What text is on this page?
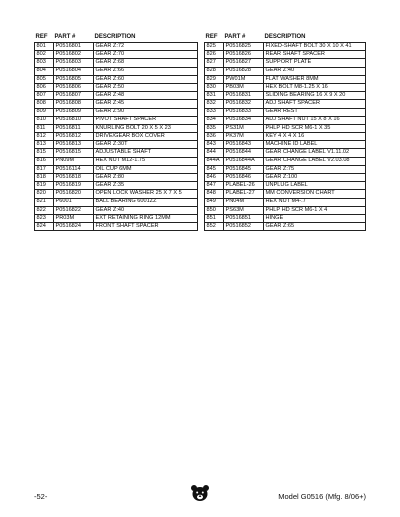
REF	PART #	DESCRIPTION
801	P0516801	GEAR Z:72
802	P0516802	GEAR Z:70
803	P0516803	GEAR Z:68
804	P0516804	GEAR Z:66
805	P0516805	GEAR Z:60
806	P0516806	GEAR Z:50
807	P0516807	GEAR Z:48
808	P0516808	GEAR Z:45
809	P0516809	GEAR Z:90
810	P0516810	PIVOT SHAFT SPACER
811	P0516811	KNURLING BOLT 20 X 5 X 23
812	P0516812	DRIVE/GEAR BOX COVER
813	P0516813	GEAR Z:30T
815	P0516815	ADJUSTABLE SHAFT
816	PN09M	HEX NUT M12-1.75
817	P0516114	OIL CUP 6MM
818	P0516818	GEAR Z:80
819	P0516819	GEAR Z:35
820	P0516820	OPEN LOCK WASHER 25 X 7 X 5
821	P6001	BALL BEARING 6001ZZ
822	P0516822	GEAR Z:40
823	PR03M	EXT RETAINING RING 12MM
824	P0516824	FRONT SHAFT SPACER
REF	PART #	DESCRIPTION
825	P0516825	FIXED-SHAFT BOLT 30 X 10 X 41
826	P0516826	REAR SHAFT SPACER
827	P0516827	SUPPORT PLATE
828	P0516828	GEAR Z:40
829	PW01M	FLAT WASHER 8MM
830	PB03M	HEX BOLT M8-1.25 X 16
831	P0516831	SLIDING BEARING 16 X 9 X 20
832	P0516832	ADJ SHAFT SPACER
833	P0516833	GEAR REST
834	P0516834	ADJ SHAFT NUT 15 X 8 X 16
835	PS31M	PHLP HD SCR M6-1 X 35
836	PK37M	KEY 4 X 4 X 16
843	P0516843	MACHINE ID LABEL
844	P0516844	GEAR CHANGE LABEL V1.11.02
844A	P0516844A	GEAR CHANGE LABEL V2.03.08
845	P0516845	GEAR Z:75
846	P0516846	GEAR Z:100
847	PLABEL-26	UNPLUG LABEL
848	PLABEL-27	MM CONVERSION CHART
849	PN04M	HEX NUT M4-.7
850	PS63M	PHLP HD SCR M6-1 X 4
851	P0516851	HINGE
852	P0516852	GEAR Z:65
-52-	Model G0516 (Mfg. 8/06+)
